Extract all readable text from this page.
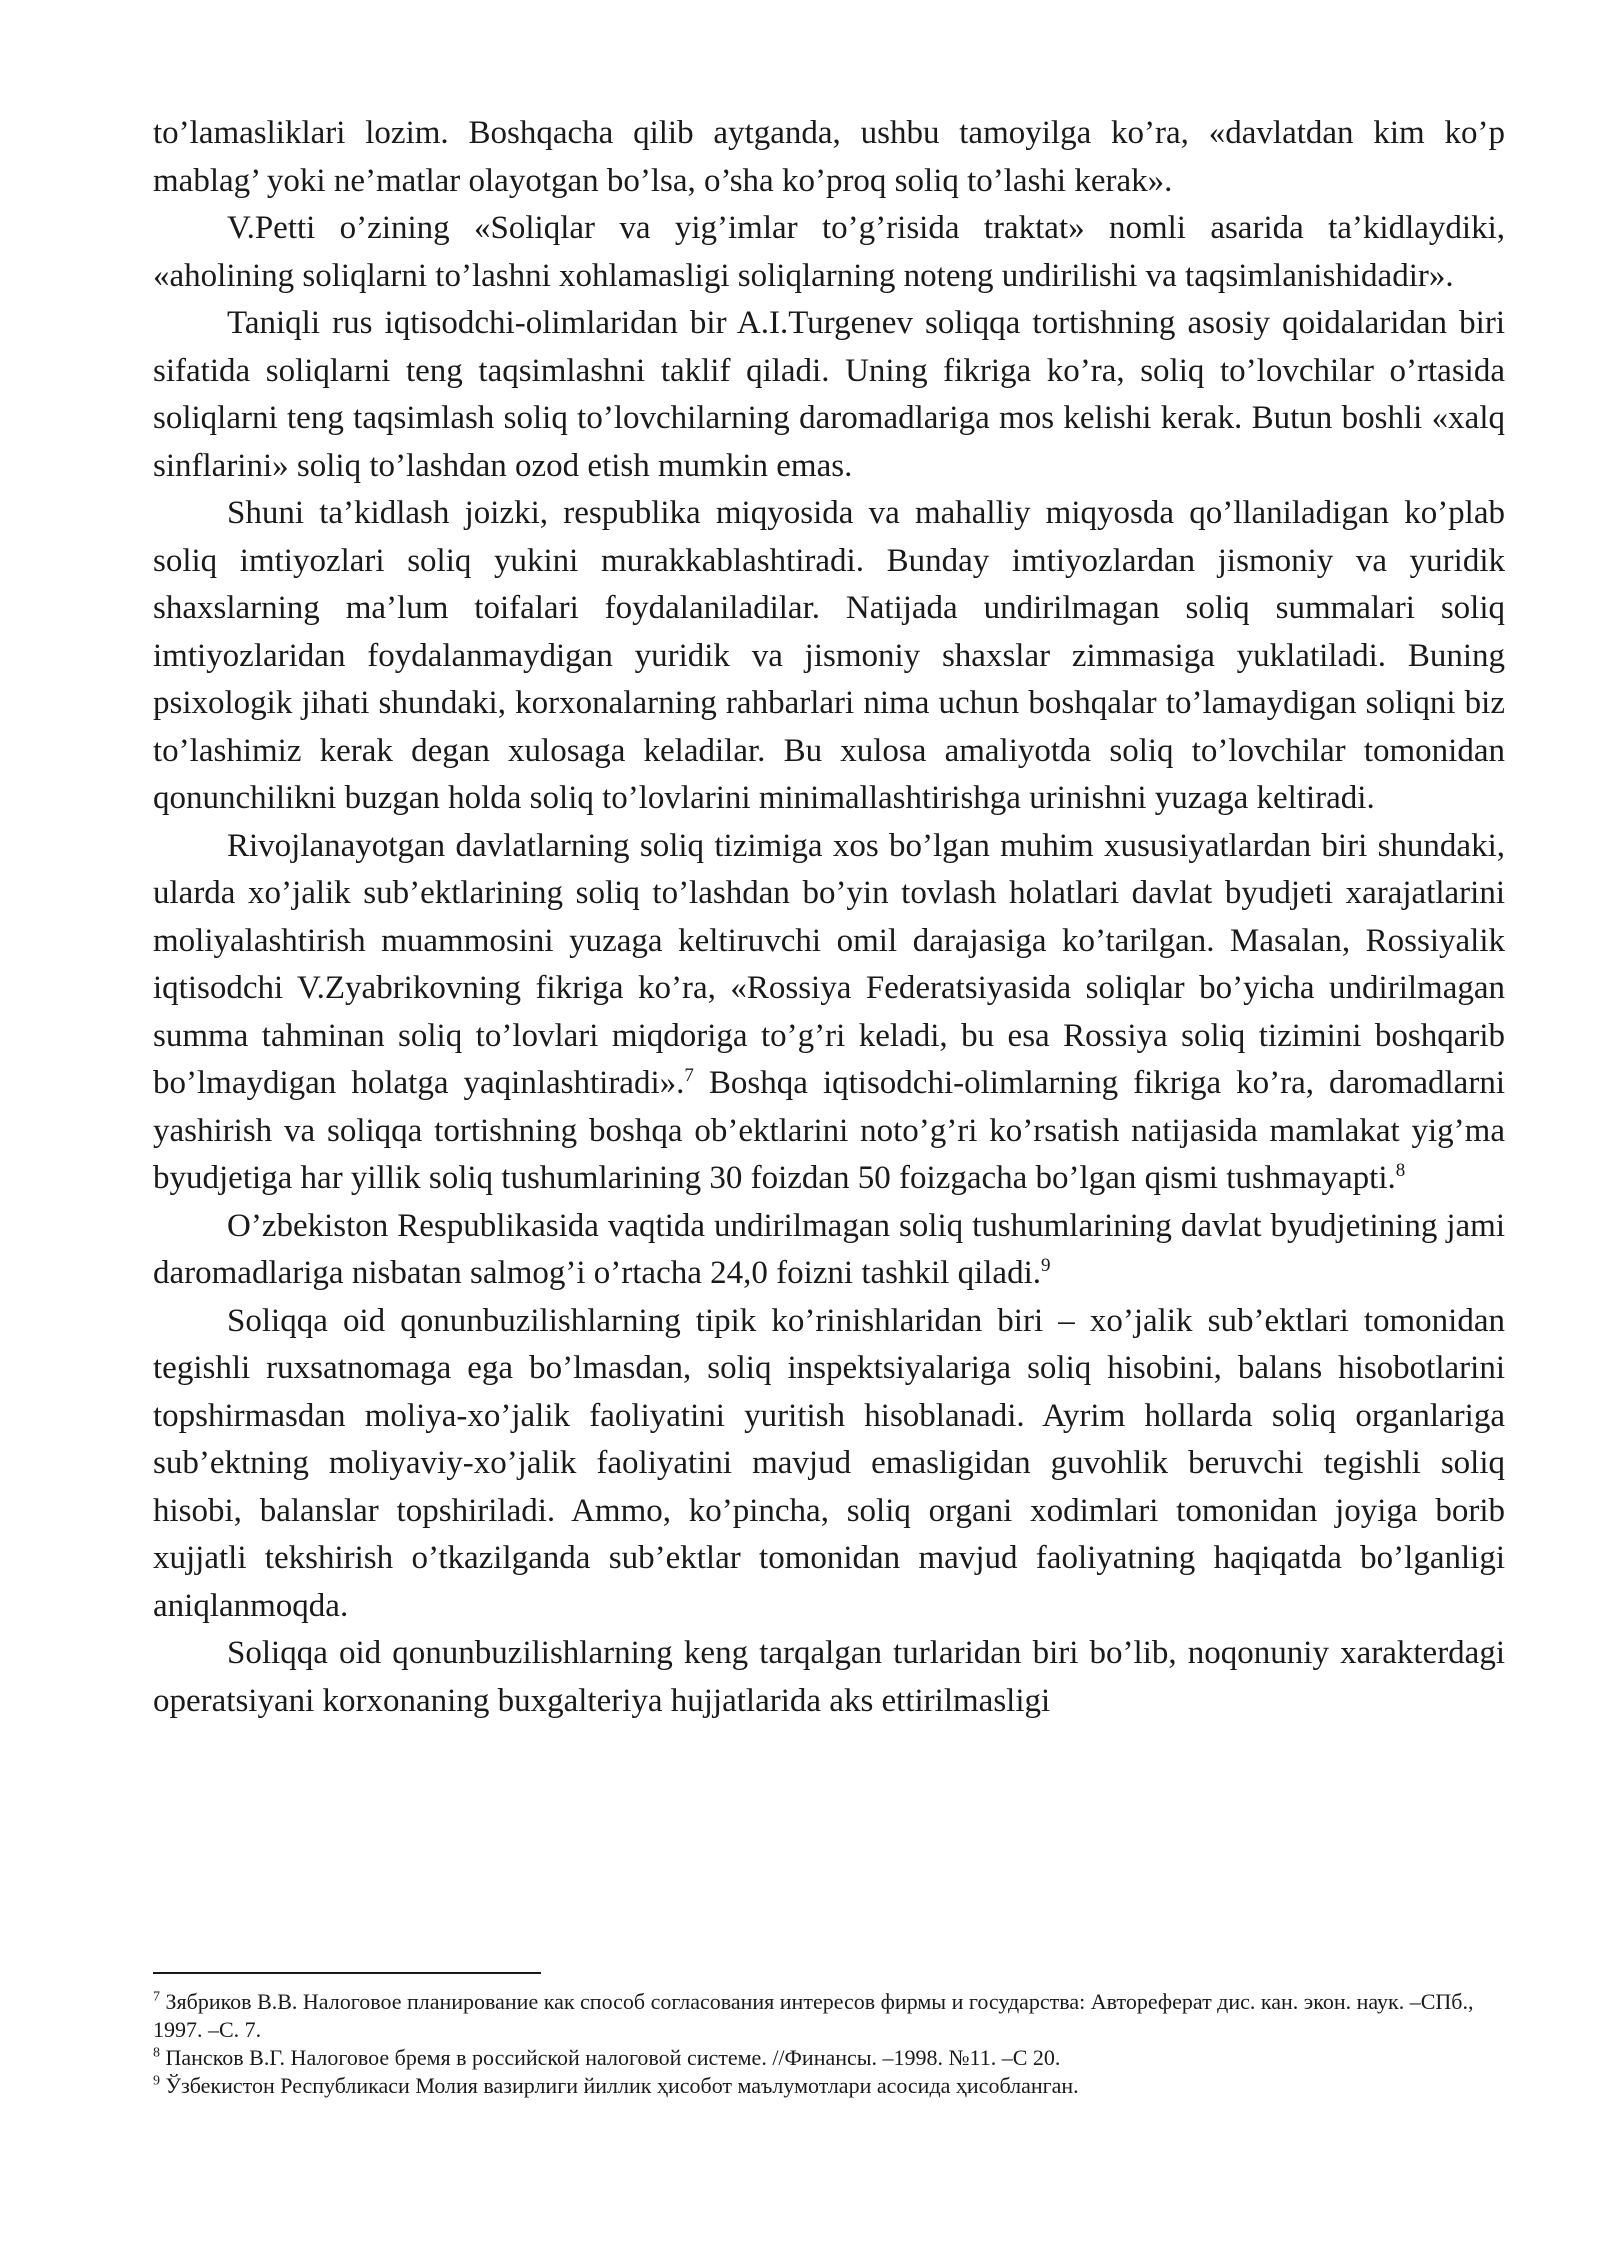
to’lamasliklari lozim. Boshqacha qilib aytganda, ushbu tamoyilga ko’ra, «davlatdan kim ko’p mablag’ yoki ne’matlar olayotgan bo’lsa, o’sha ko’proq soliq to’lashi kerak».

V.Petti o’zining «Soliqlar va yig’imlar to’g’risida traktat» nomli asarida ta’kidlaydiki, «aholining soliqlarni to’lashni xohlamasligi soliqlarning noteng undirilishi va taqsimlanishidadir».

Taniqli rus iqtisodchi-olimlaridan bir A.I.Turgenev soliqqa tortishning asosiy qoidalaridan biri sifatida soliqlarni teng taqsimlashni taklif qiladi. Uning fikriga ko’ra, soliq to’lovchilar o’rtasida soliqlarni teng taqsimlash soliq to’lovchilarning daromadlariga mos kelishi kerak. Butun boshli «xalq sinflarini» soliq to’lashdan ozod etish mumkin emas.

Shuni ta’kidlash joizki, respublika miqyosida va mahalliy miqyosda qo’llaniladigan ko’plab soliq imtiyozlari soliq yukini murakkablashtiradi. Bunday imtiyozlardan jismoniy va yuridik shaxslarning ma’lum toifalari foydalaniladilar. Natijada undirilmagan soliq summalari soliq imtiyozlaridan foydalanmaydigan yuridik va jismoniy shaxslar zimmasiga yuklatiladi. Buning psixologik jihati shundaki, korxonalarning rahbarlari nima uchun boshqalar to’lamaydigan soliqni biz to’lashimiz kerak degan xulosaga keladilar. Bu xulosa amaliyotda soliq to’lovchilar tomonidan qonunchilikni buzgan holda soliq to’lovlarini minimallashtirishga urinishni yuzaga keltiradi.

Rivojlanayotgan davlatlarning soliq tizimiga xos bo’lgan muhim xususiyatlardan biri shundaki, ularda xo’jalik sub’ektlarining soliq to’lashdan bo’yin tovlash holatlari davlat byudjeti xarajatlarini moliyalashtirish muammosini yuzaga keltiruvchi omil darajasiga ko’tarilgan. Masalan, Rossiyalik iqtisodchi V.Zyabrikovning fikriga ko’ra, «Rossiya Federatsiyasida soliqlar bo’yicha undirilmagan summa tahminan soliq to’lovlari miqdoriga to’g’ri keladi, bu esa Rossiya soliq tizimini boshqarib bo’lmaydigan holatga yaqinlashtiradi».$^7$ Boshqa iqtisodchi-olimlarning fikriga ko’ra, daromadlarni yashirish va soliqqa tortishning boshqa ob’ektlarini noto’g’ri ko’rsatish natijasida mamlakat yig’ma byudjetiga har yillik soliq tushumlarining 30 foizdan 50 foizgacha bo’lgan qismi tushmayapti.$^8$

O’zbekiston Respublikasida vaqtida undirilmagan soliq tushumlarining davlat byudjetining jami daromadlariga nisbatan salmog’i o’rtacha 24,0 foizni tashkil qiladi.$^9$

Soliqqa oid qonunbuzilishlarning tipik ko’rinishlaridan biri – xo’jalik sub’ektlari tomonidan tegishli ruxsatnomaga ega bo’lmasdan, soliq inspektsiyalariga soliq hisobini, balans hisobotlarini topshirmasdan moliya-xo’jalik faoliyatini yuritish hisoblanadi. Ayrim hollarda soliq organlariga sub’ektning moliyaviy-xo’jalik faoliyatini mavjud emasligidan guvohlik beruvchi tegishli soliq hisobi, balanslar topshiriladi. Ammo, ko’pincha, soliq organi xodimlari tomonidan joyiga borib xujjatli tekshirish o’tkazilganda sub’ektlar tomonidan mavjud faoliyatning haqiqatda bo’lganligi aniqlanmoqda.

Soliqqa oid qonunbuzilishlarning keng tarqalgan turlaridan biri bo’lib, noqonuniy xarakterdagi operatsiyani korxonaning buxgalteriya hujjatlarida aks ettirilmasligi

$^7$ Зябриков В.В. Налоговое планирование как способ согласования интересов фирмы и государства: Автореферат дис. кан. экон. наук. –СПб., 1997. –С. 7.

$^8$ Пансков В.Г. Налоговое бремя в российской налоговой системе. //Финансы. –1998. №11. –С 20.

$^9$ Ўзбекистон Республикаси Молия вазирлиги йиллик ҳисобот маълумотлари асосида ҳисобланган.
